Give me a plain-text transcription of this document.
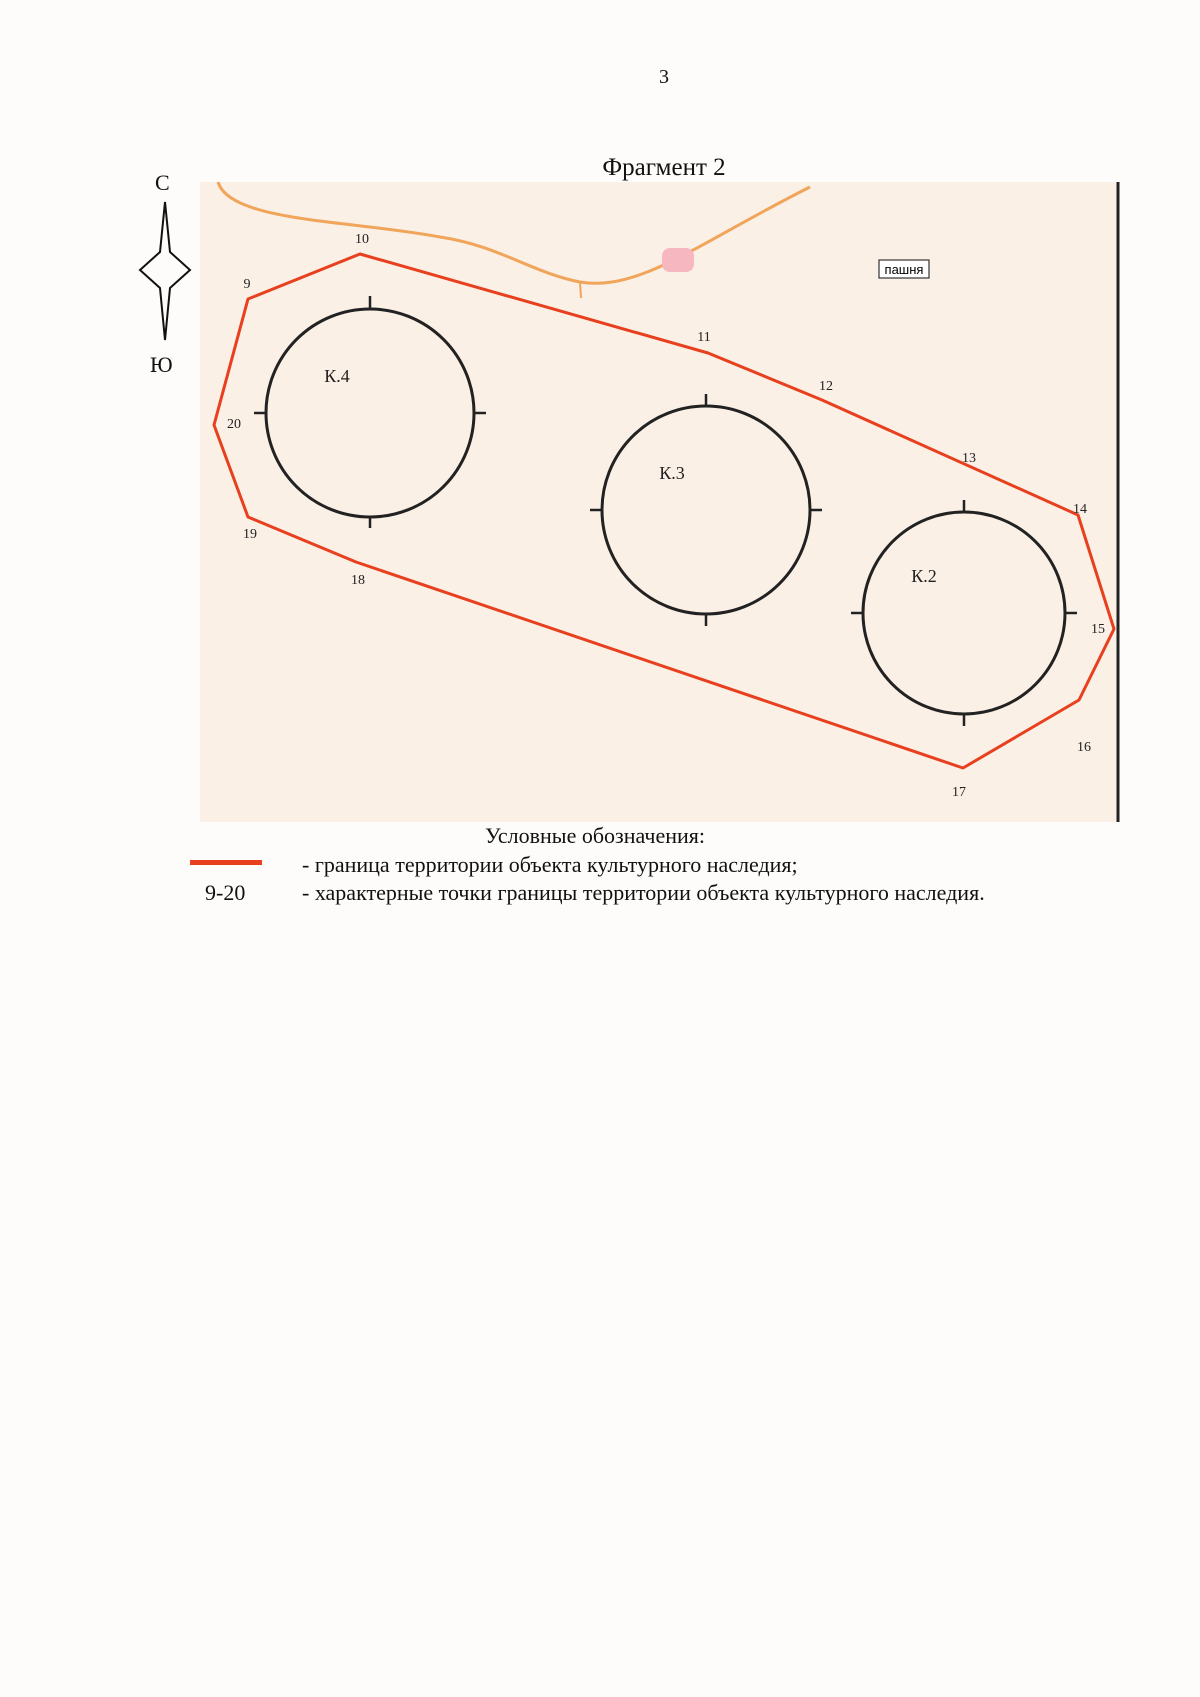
3
Фрагмент 2
С
Ю
пашня
9
10
11
12
13
14
15
16
17
18
19
20
К.4
К.3
К.2
Условные обозначения:
- граница территории объекта культурного наследия;
9-20	- характерные точки границы территории объекта культурного наследия.
